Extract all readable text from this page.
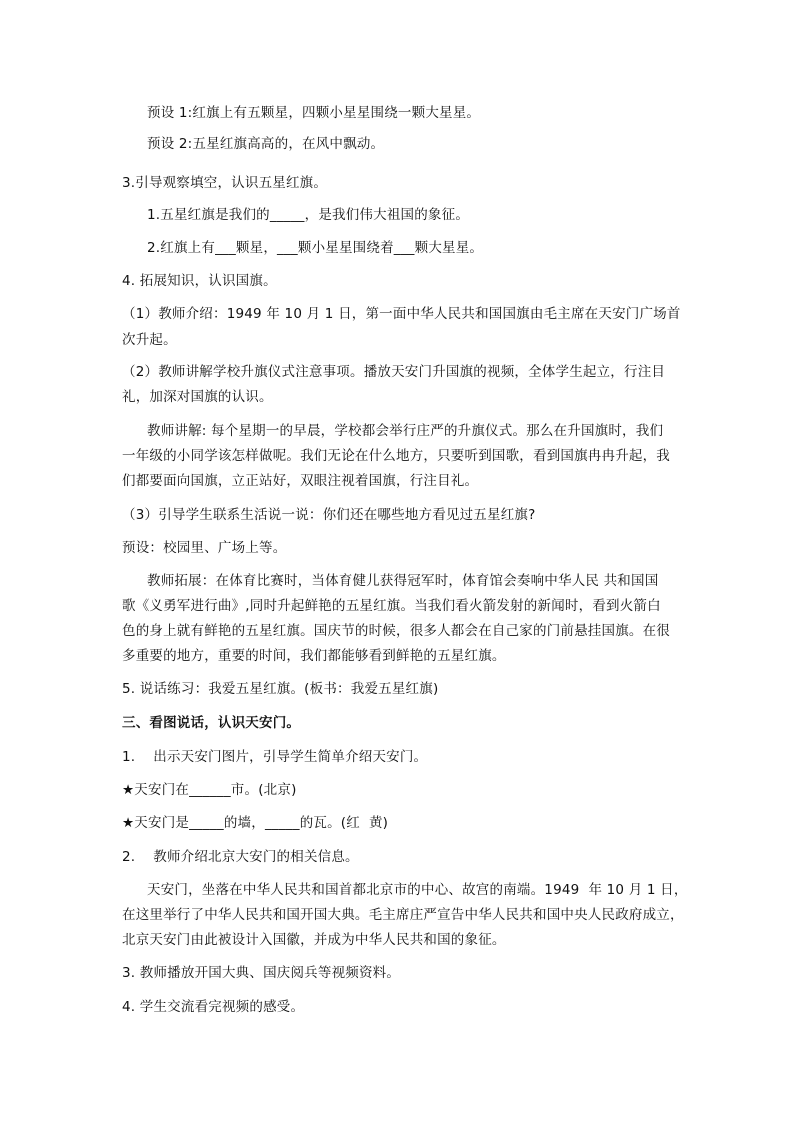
预设 1:红旗上有五颗星，四颗小星星围绕一颗大星星。

预设 2:五星红旗高高的，在风中飘动。

3.引导观察填空，认识五星红旗。

1.五星红旗是我们的_____，是我们伟大祖国的象征。

2.红旗上有___颗星，___颗小星星围绕着___颗大星星。

4. 拓展知识，认识国旗。

（1）教师介绍：1949 年 10 月 1 日，第一面中华人民共和国国旗由毛主席在天安门广场首

次升起。

（2）教师讲解学校升旗仪式注意事项。播放天安门升国旗的视频，全体学生起立，行注目

礼，加深对国旗的认识。

教师讲解: 每个星期一的早晨，学校都会举行庄严的升旗仪式。那么在升国旗时，我们

一年级的小同学该怎样做呢。我们无论在什么地方，只要听到国歌，看到国旗冉冉升起，我

们都要面向国旗，立正站好，双眼注视着国旗，行注目礼。

（3）引导学生联系生活说一说：你们还在哪些地方看见过五星红旗?

预设：校园里、广场上等。

教师拓展：在体育比赛时，当体育健儿获得冠军时，体育馆会奏响中华人民 共和国国

歌《义勇军进行曲》,同时升起鲜艳的五星红旗。当我们看火箭发射的新闻时，看到火箭白

色的身上就有鲜艳的五星红旗。国庆节的时候，很多人都会在自己家的门前悬挂国旗。在很

多重要的地方，重要的时间，我们都能够看到鲜艳的五星红旗。

5. 说话练习：我爱五星红旗。(板书：我爱五星红旗)

三、看图说话，认识天安门。

1.    出示天安门图片，引导学生简单介绍天安门。

★天安门在______市。(北京)

★天安门是_____的墙，_____的瓦。(红  黄)

2.    教师介绍北京大安门的相关信息。

天安门，坐落在中华人民共和国首都北京市的中心、故宫的南端。1949  年 10 月 1 日，

在这里举行了中华人民共和国开国大典。毛主席庄严宣告中华人民共和国中央人民政府成立，

北京天安门由此被设计入国徽，并成为中华人民共和国的象征。

3. 教师播放开国大典、国庆阅兵等视频资料。

4. 学生交流看完视频的感受。
